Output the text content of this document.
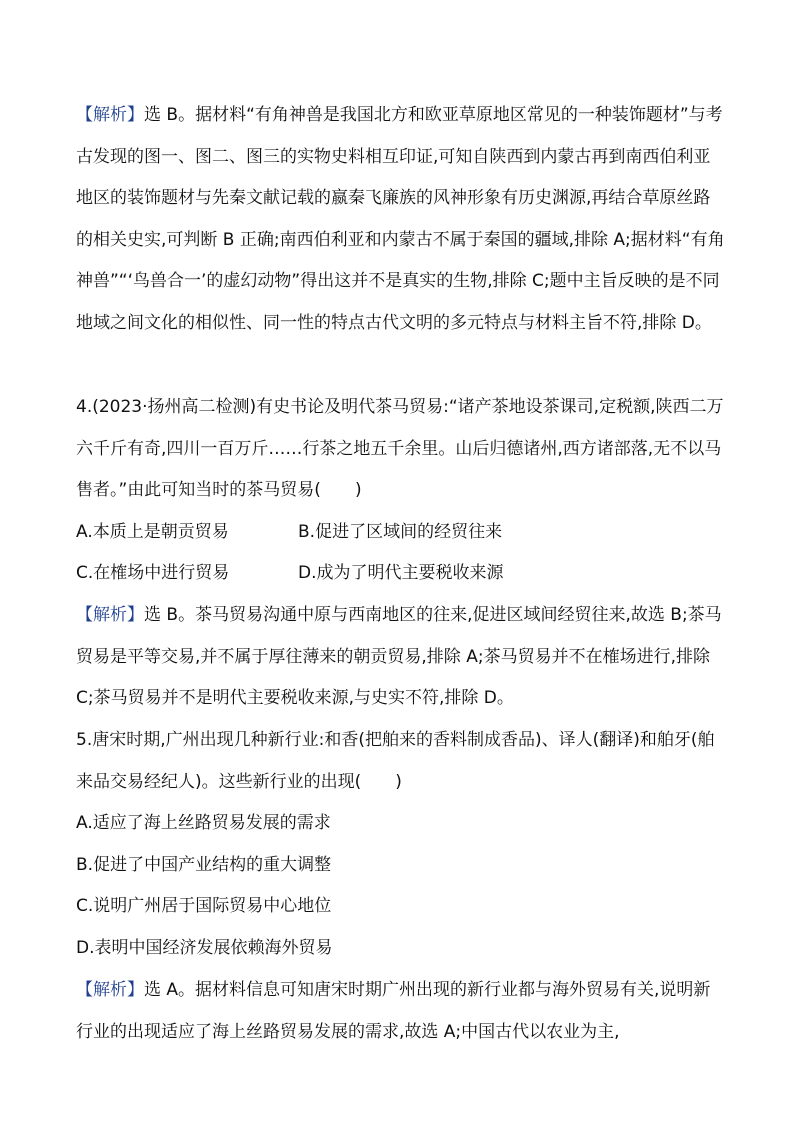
【解析】选 B。据材料“有角神兽是我国北方和欧亚草原地区常见的一种装饰题材”与考古发现的图一、图二、图三的实物史料相互印证,可知自陕西到内蒙古再到南西伯利亚地区的装饰题材与先秦文献记载的嬴秦飞廉族的风神形象有历史渊源,再结合草原丝路的相关史实,可判断 B 正确;南西伯利亚和内蒙古不属于秦国的疆域,排除 A;据材料“有角神兽”“‘鸟兽合一’的虚幻动物”得出这并不是真实的生物,排除 C;题中主旨反映的是不同地域之间文化的相似性、同一性的特点古代文明的多元特点与材料主旨不符,排除 D。

4.(2023·扬州高二检测)有史书论及明代茶马贸易:“诸产茶地设茶课司,定税额,陕西二万六千斤有奇,四川一百万斤……行茶之地五千余里。山后归德诸州,西方诸部落,无不以马售者。”由此可知当时的茶马贸易(　　)

A.本质上是朝贡贸易	B.促进了区域间的经贸往来
C.在榷场中进行贸易	D.成为了明代主要税收来源

【解析】选 B。茶马贸易沟通中原与西南地区的往来,促进区域间经贸往来,故选 B;茶马贸易是平等交易,并不属于厚往薄来的朝贡贸易,排除 A;茶马贸易并不在榷场进行,排除 C;茶马贸易并不是明代主要税收来源,与史实不符,排除 D。

5.唐宋时期,广州出现几种新行业:和香(把舶来的香料制成香品)、译人(翻译)和舶牙(舶来品交易经纪人)。这些新行业的出现(　　)

A.适应了海上丝路贸易发展的需求
B.促进了中国产业结构的重大调整
C.说明广州居于国际贸易中心地位
D.表明中国经济发展依赖海外贸易

【解析】选 A。据材料信息可知唐宋时期广州出现的新行业都与海外贸易有关,说明新行业的出现适应了海上丝路贸易发展的需求,故选 A;中国古代以农业为主,
